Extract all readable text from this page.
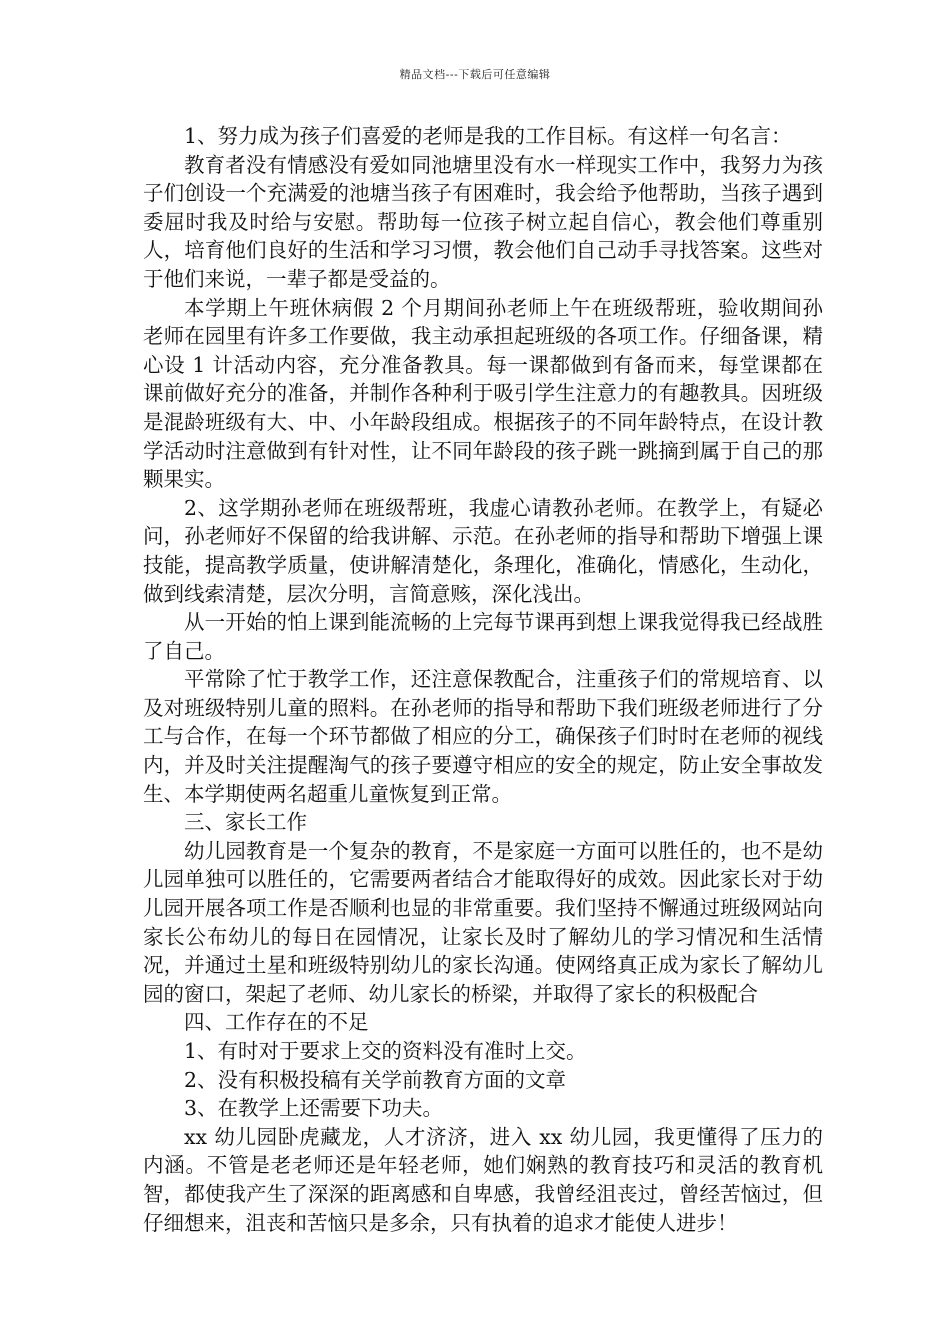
精品文档---下载后可任意编辑

1、努力成为孩子们喜爱的老师是我的工作目标。有这样一句名言：

教育者没有情感没有爱如同池塘里没有水一样现实工作中，我努力为孩子们创设一个充满爱的池塘当孩子有困难时，我会给予他帮助，当孩子遇到委屈时我及时给与安慰。帮助每一位孩子树立起自信心，教会他们尊重别人，培育他们良好的生活和学习习惯，教会他们自己动手寻找答案。这些对于他们来说，一辈子都是受益的。

本学期上午班休病假 2 个月期间孙老师上午在班级帮班，验收期间孙老师在园里有许多工作要做，我主动承担起班级的各项工作。仔细备课，精心设 1 计活动内容，充分准备教具。每一课都做到有备而来，每堂课都在课前做好充分的准备，并制作各种利于吸引学生注意力的有趣教具。因班级是混龄班级有大、中、小年龄段组成。根据孩子的不同年龄特点，在设计教学活动时注意做到有针对性，让不同年龄段的孩子跳一跳摘到属于自己的那颗果实。

2、这学期孙老师在班级帮班，我虚心请教孙老师。在教学上，有疑必问，孙老师好不保留的给我讲解、示范。在孙老师的指导和帮助下增强上课技能，提高教学质量，使讲解清楚化，条理化，准确化，情感化，生动化，做到线索清楚，层次分明，言简意赅，深化浅出。

从一开始的怕上课到能流畅的上完每节课再到想上课我觉得我已经战胜了自己。

平常除了忙于教学工作，还注意保教配合，注重孩子们的常规培育、以及对班级特别儿童的照料。在孙老师的指导和帮助下我们班级老师进行了分工与合作，在每一个环节都做了相应的分工，确保孩子们时时在老师的视线内，并及时关注提醒淘气的孩子要遵守相应的安全的规定，防止安全事故发生、本学期使两名超重儿童恢复到正常。

三、家长工作

幼儿园教育是一个复杂的教育，不是家庭一方面可以胜任的，也不是幼儿园单独可以胜任的，它需要两者结合才能取得好的成效。因此家长对于幼儿园开展各项工作是否顺利也显的非常重要。我们坚持不懈通过班级网站向家长公布幼儿的每日在园情况，让家长及时了解幼儿的学习情况和生活情况，并通过土星和班级特别幼儿的家长沟通。使网络真正成为家长了解幼儿园的窗口，架起了老师、幼儿家长的桥梁，并取得了家长的积极配合

四、工作存在的不足

1、有时对于要求上交的资料没有准时上交。

2、没有积极投稿有关学前教育方面的文章

3、在教学上还需要下功夫。

xx 幼儿园卧虎藏龙，人才济济，进入 xx 幼儿园，我更懂得了压力的内涵。不管是老老师还是年轻老师，她们娴熟的教育技巧和灵活的教育机智，都使我产生了深深的距离感和自卑感，我曾经沮丧过，曾经苦恼过，但仔细想来，沮丧和苦恼只是多余，只有执着的追求才能使人进步！
